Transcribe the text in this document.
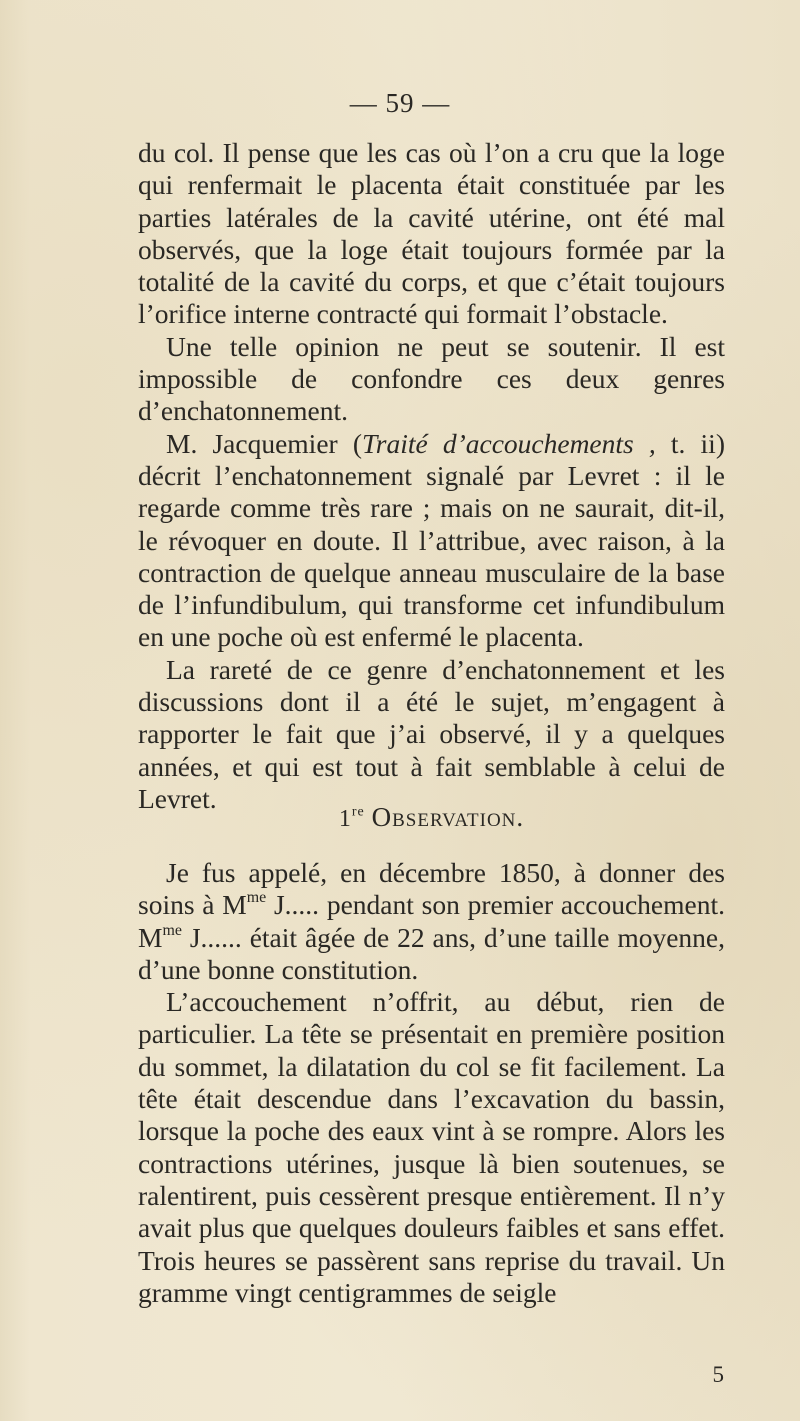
— 59 —

du col. Il pense que les cas où l’on a cru que la loge qui renfermait le placenta était constituée par les parties latérales de la cavité utérine, ont été mal observés, que la loge était toujours formée par la totalité de la cavité du corps, et que c’était toujours l’orifice interne contracté qui formait l’obstacle.

Une telle opinion ne peut se soutenir. Il est impossible de confondre ces deux genres d’enchatonnement.

M. Jacquemier (Traité d’accouchements , t. ii) décrit l’enchatonnement signalé par Levret : il le regarde comme très rare ; mais on ne saurait, dit-il, le révoquer en doute. Il l’attribue, avec raison, à la contraction de quelque anneau musculaire de la base de l’infundibulum, qui transforme cet infundibulum en une poche où est enfermé le placenta.

La rareté de ce genre d’enchatonnement et les discussions dont il a été le sujet, m’engagent à rapporter le fait que j’ai observé, il y a quelques années, et qui est tout à fait semblable à celui de Levret.

1re Observation.

Je fus appelé, en décembre 1850, à donner des soins à $M^{me}$ J..... pendant son premier accouchement. $M^{me}$ J...... était âgée de 22 ans, d’une taille moyenne, d’une bonne constitution.

L’accouchement n’offrit, au début, rien de particulier. La tête se présentait en première position du sommet, la dilatation du col se fit facilement. La tête était descendue dans l’excavation du bassin, lorsque la poche des eaux vint à se rompre. Alors les contractions utérines, jusque là bien soutenues, se ralentirent, puis cessèrent presque entièrement. Il n’y avait plus que quelques douleurs faibles et sans effet. Trois heures se passèrent sans reprise du travail. Un gramme vingt centigrammes de seigle

5
